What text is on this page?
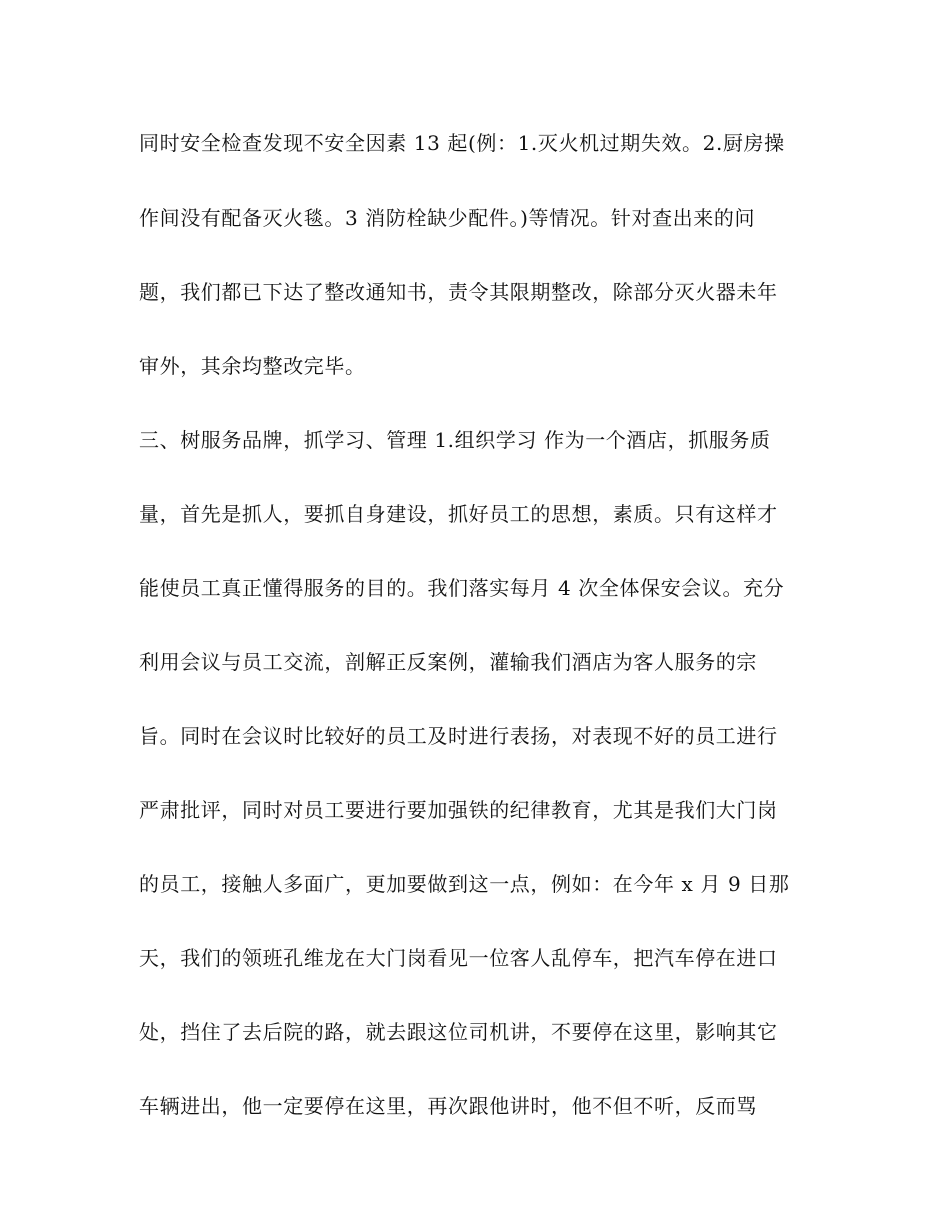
同时安全检查发现不安全因素 13 起(例：1.灭火机过期失效。2.厨房操
作间没有配备灭火毯。3 消防栓缺少配件。)等情况。针对查出来的问
题，我们都已下达了整改通知书，责令其限期整改，除部分灭火器未年
审外，其余均整改完毕。
三、树服务品牌，抓学习、管理 1.组织学习 作为一个酒店，抓服务质
量，首先是抓人，要抓自身建设，抓好员工的思想，素质。只有这样才
能使员工真正懂得服务的目的。我们落实每月 4 次全体保安会议。充分
利用会议与员工交流，剖解正反案例，灌输我们酒店为客人服务的宗
旨。同时在会议时比较好的员工及时进行表扬，对表现不好的员工进行
严肃批评，同时对员工要进行要加强铁的纪律教育，尤其是我们大门岗
的员工，接触人多面广，更加要做到这一点，例如：在今年 x 月 9 日那
天，我们的领班孔维龙在大门岗看见一位客人乱停车，把汽车停在进口
处，挡住了去后院的路，就去跟这位司机讲，不要停在这里，影响其它
车辆进出，他一定要停在这里，再次跟他讲时，他不但不听，反而骂
